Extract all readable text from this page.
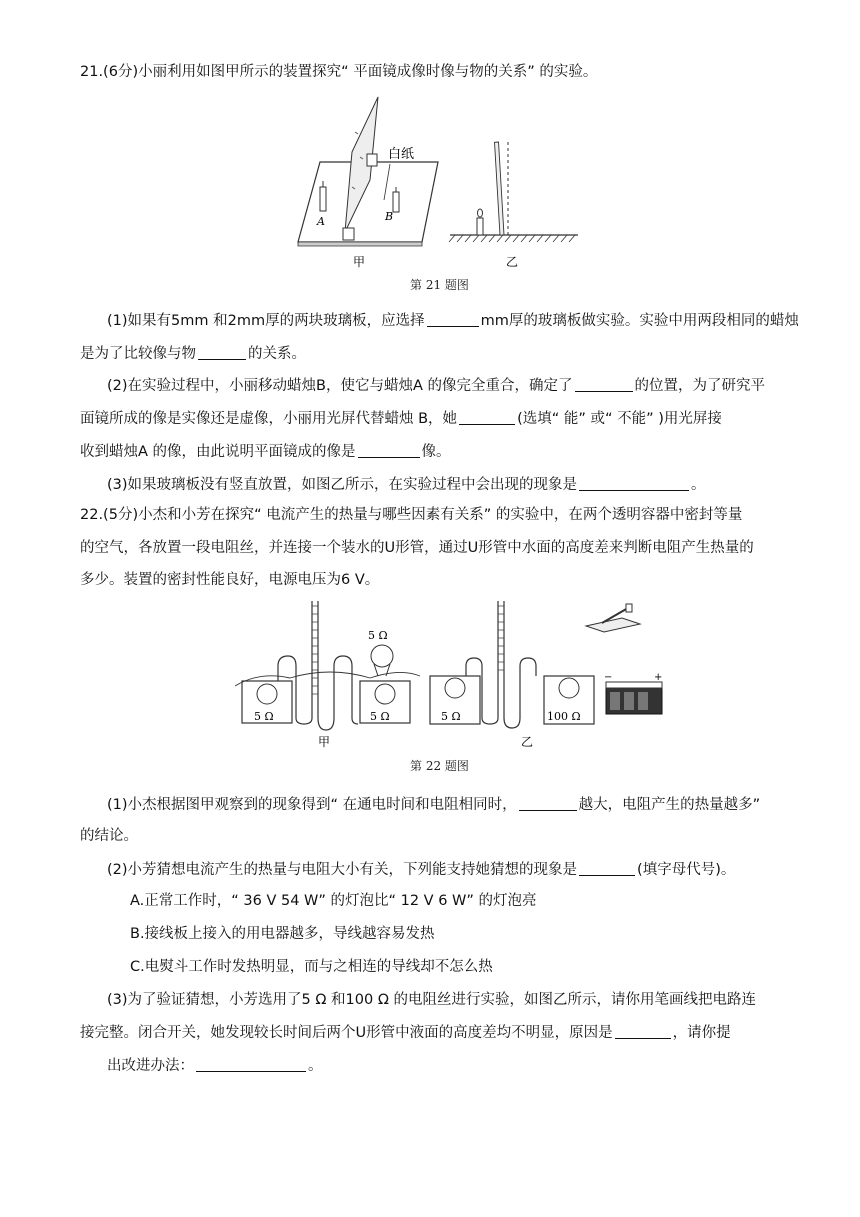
21.(6分)小丽利用如图甲所示的装置探究“ 平面镜成像时像与物的关系” 的实验。
白纸
A	B
甲	乙
第 21 题图
(1)如果有5mm 和2mm厚的两块玻璃板，应选择	mm厚的玻璃板做实验。实验中用两段相同的蜡烛
是为了比较像与物	的关系。
(2)在实验过程中，小丽移动蜡烛B，使它与蜡烛A 的像完全重合，确定了	的位置，为了研究平
面镜所成的像是实像还是虚像，小丽用光屏代替蜡烛 B，她	(选填“ 能” 或“ 不能” )用光屏接
收到蜡烛A 的像，由此说明平面镜成的像是	像。
(3)如果玻璃板没有竖直放置，如图乙所示，在实验过程中会出现的现象是	。
22.(5分)小杰和小芳在探究“ 电流产生的热量与哪些因素有关系” 的实验中，在两个透明容器中密封等量
的空气，各放置一段电阻丝，并连接一个装水的U形管，通过U形管中水面的高度差来判断电阻产生热量的
多少。装置的密封性能良好，电源电压为6 V。
5 Ω	5 Ω
5 Ω
甲
5 Ω	100 Ω
乙
−	+
第 22 题图
(1)小杰根据图甲观察到的现象得到“ 在通电时间和电阻相同时，	越大，电阻产生的热量越多”
的结论。
(2)小芳猜想电流产生的热量与电阻大小有关，下列能支持她猜想的现象是	(填字母代号)。
A.正常工作时，“ 36 V 54 W” 的灯泡比“ 12 V 6 W” 的灯泡亮
B.接线板上接入的用电器越多，导线越容易发热
C.电熨斗工作时发热明显，而与之相连的导线却不怎么热
(3)为了验证猜想，小芳选用了5 Ω 和100 Ω 的电阻丝进行实验，如图乙所示，请你用笔画线把电路连
接完整。闭合开关，她发现较长时间后两个U形管中液面的高度差均不明显，原因是	，请你提
出改进办法：	。
